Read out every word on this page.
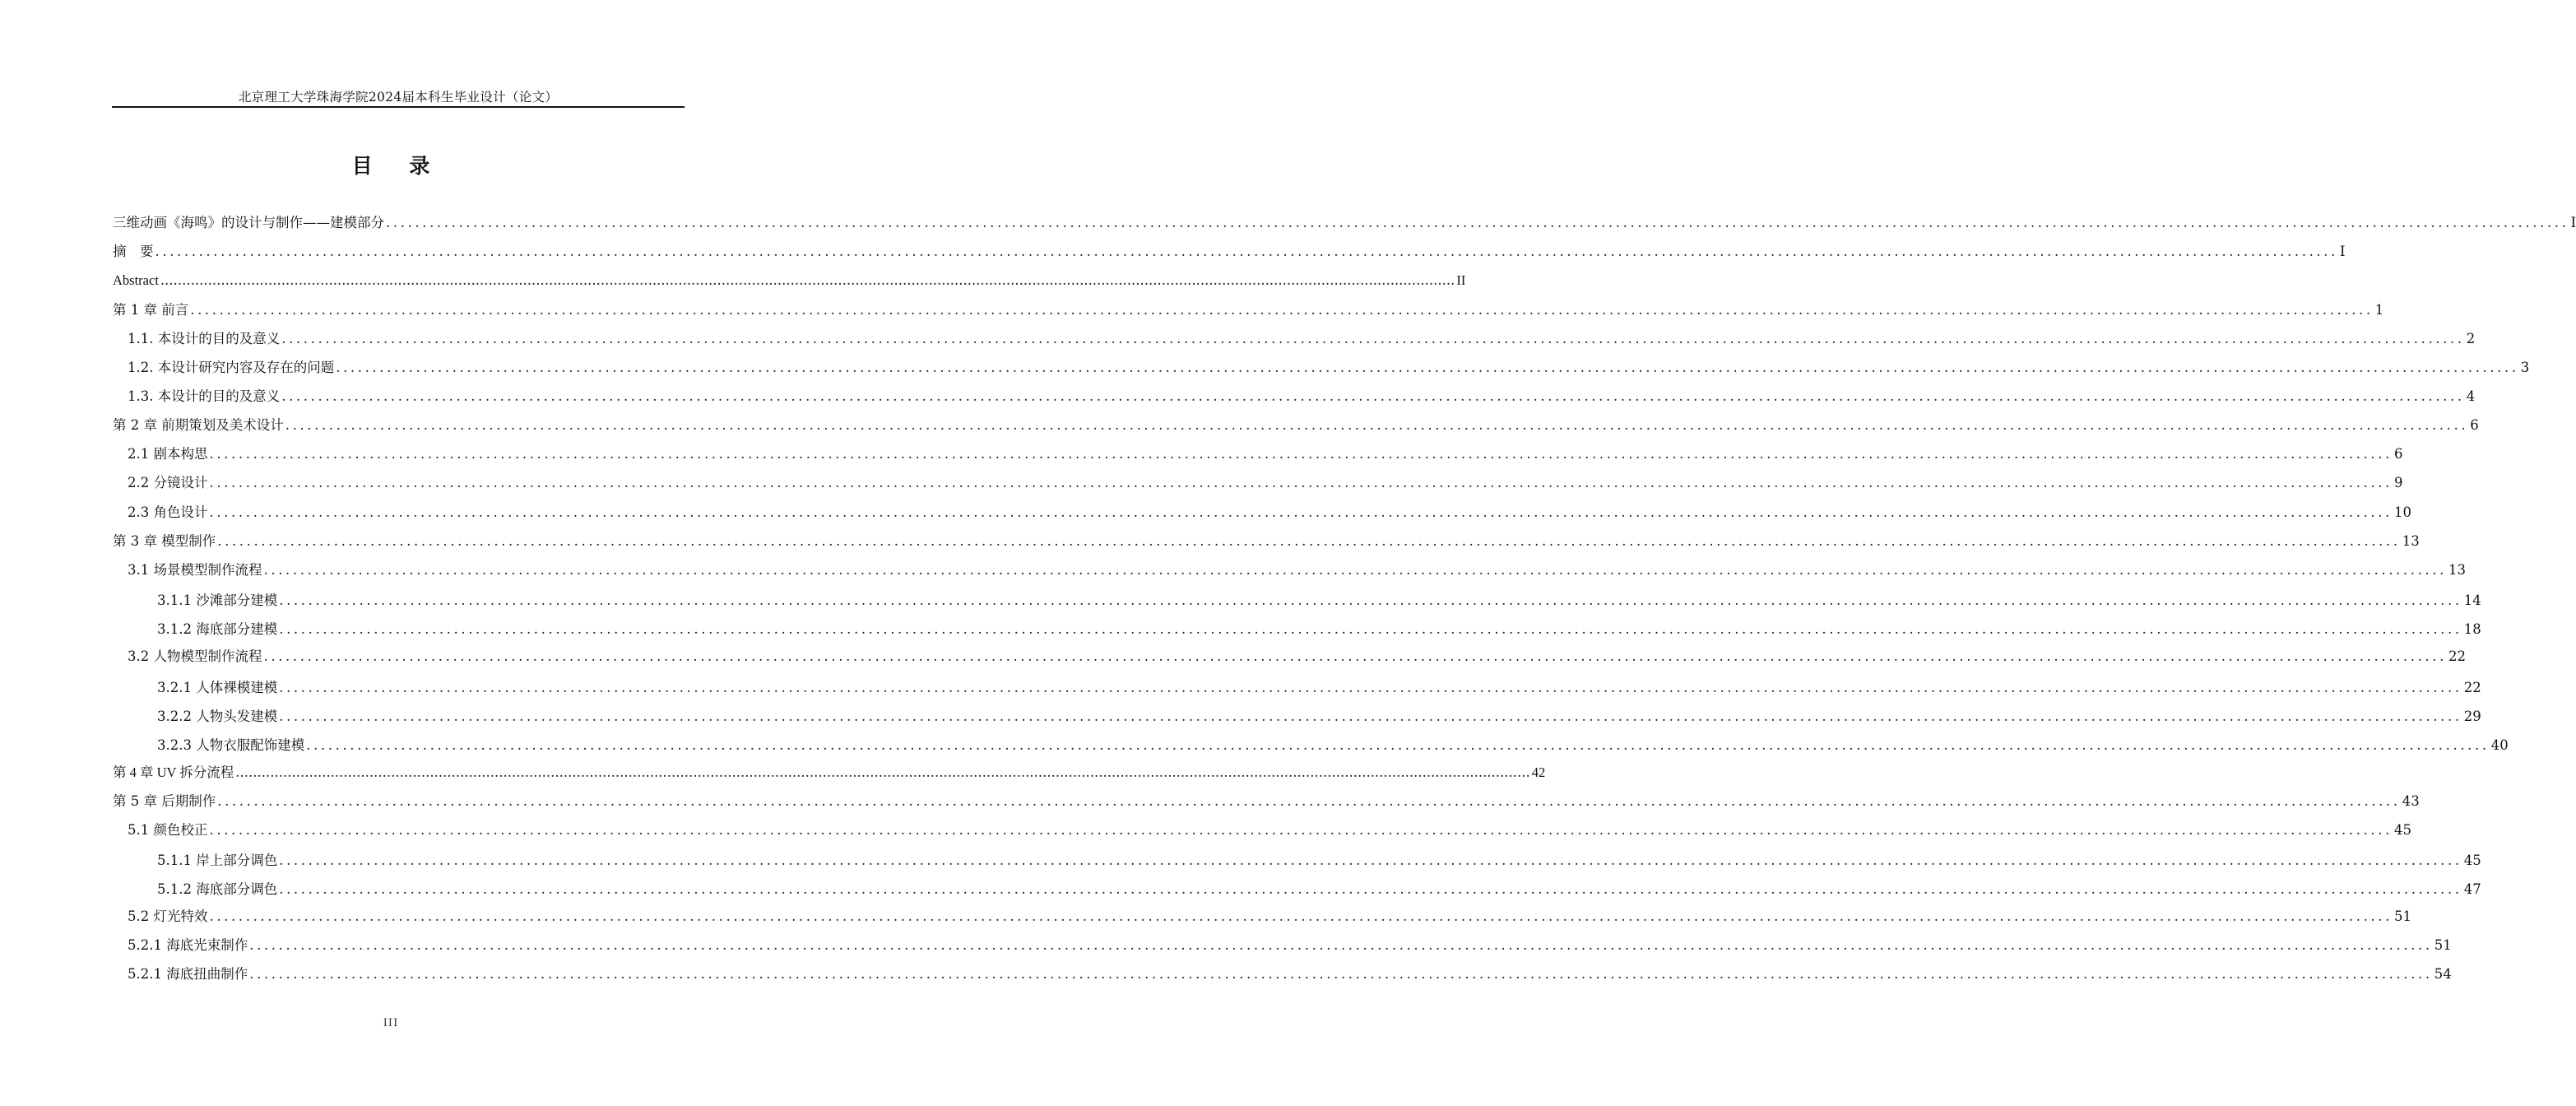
北京理工大学珠海学院2024届本科生毕业设计（论文）
目 录
三维动画《海鸣》的设计与制作——建模部分 ............................................................................................................................................................................................................................................................................................................ I
摘　要 ............................................................................................................................................................................................................................................................................................................ I
Abstract ............................................................................................................................................................................................................................................................................................................ II
第 1 章 前言 ............................................................................................................................................................................................................................................................................................................ 1
1.1. 本设计的目的及意义 ............................................................................................................................................................................................................................................................................................................ 2
1.2. 本设计研究内容及存在的问题 ............................................................................................................................................................................................................................................................................................................ 3
1.3. 本设计的目的及意义 ............................................................................................................................................................................................................................................................................................................ 4
第 2 章 前期策划及美术设计 ............................................................................................................................................................................................................................................................................................................ 6
2.1 剧本构思 ............................................................................................................................................................................................................................................................................................................ 6
2.2 分镜设计 ............................................................................................................................................................................................................................................................................................................ 9
2.3 角色设计 ............................................................................................................................................................................................................................................................................................................ 10
第 3 章 模型制作 ............................................................................................................................................................................................................................................................................................................ 13
3.1 场景模型制作流程 ............................................................................................................................................................................................................................................................................................................ 13
3.1.1 沙滩部分建模 ............................................................................................................................................................................................................................................................................................................ 14
3.1.2 海底部分建模 ............................................................................................................................................................................................................................................................................................................ 18
3.2 人物模型制作流程 ............................................................................................................................................................................................................................................................................................................ 22
3.2.1 人体裸模建模 ............................................................................................................................................................................................................................................................................................................ 22
3.2.2 人物头发建模 ............................................................................................................................................................................................................................................................................................................ 29
3.2.3 人物衣服配饰建模 ............................................................................................................................................................................................................................................................................................................ 40
第 4 章 UV 拆分流程 ............................................................................................................................................................................................................................................................................................................ 42
第 5 章 后期制作 ............................................................................................................................................................................................................................................................................................................ 43
5.1 颜色校正 ............................................................................................................................................................................................................................................................................................................ 45
5.1.1 岸上部分调色 ............................................................................................................................................................................................................................................................................................................ 45
5.1.2 海底部分调色 ............................................................................................................................................................................................................................................................................................................ 47
5.2 灯光特效 ............................................................................................................................................................................................................................................................................................................ 51
5.2.1 海底光束制作 ............................................................................................................................................................................................................................................................................................................ 51
5.2.1 海底扭曲制作 ............................................................................................................................................................................................................................................................................................................ 54
III
